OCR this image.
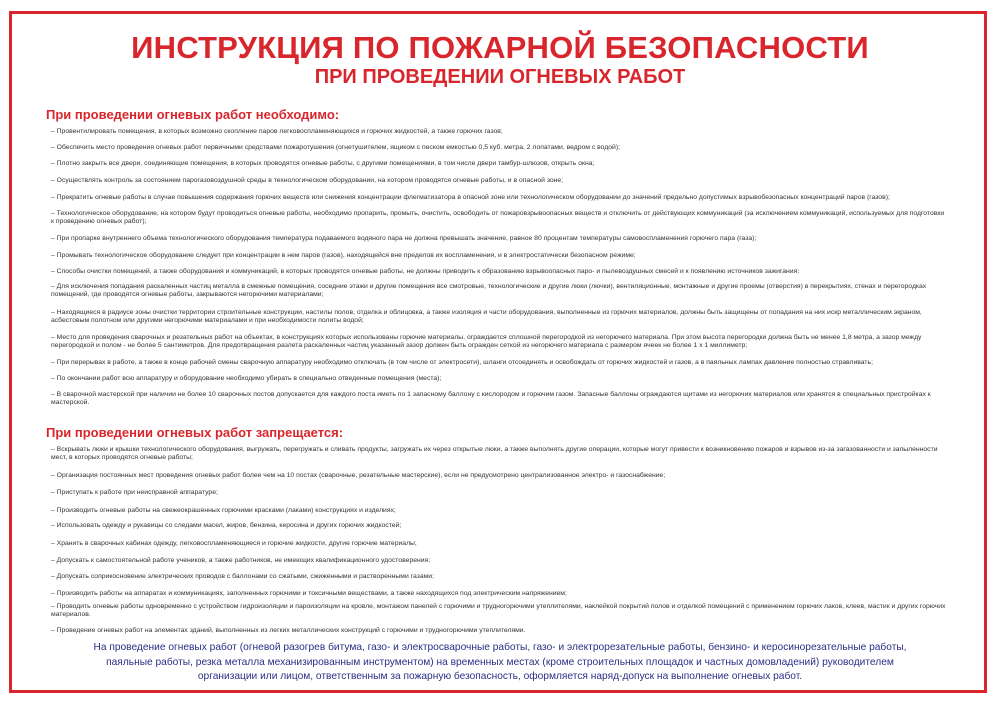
ИНСТРУКЦИЯ ПО ПОЖАРНОЙ БЕЗОПАСНОСТИ
ПРИ ПРОВЕДЕНИИ ОГНЕВЫХ РАБОТ
При проведении огневых работ необходимо:
– Провентилировать помещения, в которых возможно скопление паров легковоспламеняющихся и горючих жидкостей, а также горючих газов;
– Обеспечить место проведения огневых работ первичными средствами пожаротушения (огнетушителем, ящиком с песком емкостью 0,5 куб. метра, 2 лопатами, ведром с водой);
– Плотно закрыть все двери, соединяющие помещения, в которых проводятся огневые работы, с другими помещениями, в том числе двери тамбур-шлюзов, открыть окна;
– Осуществлять контроль за состоянием парогазовоздушной среды в технологическом оборудовании, на котором проводятся огневые работы, и в опасной зоне;
– Прекратить огневые работы в случае повышения содержания горючих веществ или снижения концентрации флегматизатора в опасной зоне или технологическом оборудовании до значений предельно допустимых взрывобезопасных концентраций паров (газов);
– Технологическое оборудование, на котором будут проводиться огневые работы, необходимо пропарить, промыть, очистить, освободить от пожаровзрывоопасных веществ и отключить от действующих коммуникаций (за исключением коммуникаций, используемых для подготовки к проведению огневых работ);
– При пропарке внутреннего объема технологического оборудования температура подаваемого водяного пара не должна превышать значение, равное 80 процентам температуры самовоспламенения горючего пара (газа);
– Промывать технологическое оборудование следует при концентрации в нем паров (газов), находящейся вне пределов их воспламенения, и в электростатически безопасном режиме;
– Способы очистки помещений, а также оборудования и коммуникаций, в которых проводятся огневые работы, не должны приводить к образованию взрывоопасных паро- и пылевоздушных смесей и к появлению источников зажигания;
– Для исключения попадания раскаленных частиц металла в смежные помещения, соседние этажи и другие помещения все смотровые, технологические и другие люки (лючки), вентиляционные, монтажные и другие проемы (отверстия) в перекрытиях, стенах и перегородках помещений, где проводятся огневые работы, закрываются негорючими материалами;
– Находящиеся в радиусе зоны очистки территории строительные конструкции, настилы полов, отделка и облицовка, а также изоляция и части оборудования, выполненные из горючих материалов, должны быть защищены от попадания на них искр металлическим экраном, асбестовым полотном или другими негорючими материалами и при необходимости политы водой;
– Место для проведения сварочных и резательных работ на объектах, в конструкциях которых использованы горючие материалы, ограждается сплошной перегородкой из негорючего материала. При этом высота перегородки должна быть не менее 1,8 метра, а зазор между перегородкой и полом - не более 5 сантиметров. Для предотвращения разлета раскаленных частиц указанный зазор должен быть огражден сеткой из негорючего материала с размером ячеек не более 1 х 1 миллиметр;
– При перерывах в работе, а также в конце рабочей смены сварочную аппаратуру необходимо отключать (в том числе от электросети), шланги отсоединять и освобождать от горючих жидкостей и газов, а в паяльных лампах давление полностью стравливать;
– По окончании работ всю аппаратуру и оборудование необходимо убирать в специально отведенные помещения (места);
– В сварочной мастерской при наличии не более 10 сварочных постов допускается для каждого поста иметь по 1 запасному баллону с кислородом и горючим газом. Запасные баллоны ограждаются щитами из негорючих материалов или хранятся в специальных пристройках к мастерской.
При проведении огневых работ запрещается:
– Вскрывать люки и крышки технологического оборудования, выгружать, перегружать и сливать продукты, загружать их через открытые люки, а также выполнять другие операции, которые могут привести к возникновению пожаров и взрывов из-за загазованности и запыленности мест, в которых проводятся огневые работы;
– Организация постоянных мест проведения огневых работ более чем на 10 постах (сварочные, резательные мастерские), если не предусмотрено централизованное электро- и газоснабжение;
– Приступать к работе при неисправной аппаратуре;
– Производить огневые работы на свежеокрашенных горючими красками (лаками) конструкциях и изделиях;
– Использовать одежду и рукавицы со следами масел, жиров, бензина, керосина и других горючих жидкостей;
– Хранить в сварочных кабинах одежду, легковоспламеняющиеся и горючие жидкости, другие горючие материалы;
– Допускать к самостоятельной работе учеников, а также работников, не имеющих квалификационного удостоверения;
– Допускать соприкосновение электрических проводов с баллонами со сжатыми, сжиженными и растворенными газами;
– Производить работы на аппаратах и коммуникациях, заполненных горючими и токсичными веществами, а также находящихся под электрическим напряжением;
– Проводить огневые работы одновременно с устройством гидроизоляции и пароизоляции на кровле, монтажом панелей с горючими и трудногорючими утеплителями, наклейкой покрытий полов и отделкой помещений с применением горючих лаков, клеев, мастик и других горючих материалов.
– Проведение огневых работ на элементах зданий, выполненных из легких металлических конструкций с горючими и трудногорючими утеплителями.

На проведение огневых работ (огневой разогрев битума, газо- и электросварочные работы, газо- и электрорезательные работы, бензино- и керосинорезательные работы, паяльные работы, резка металла механизированным инструментом) на временных местах (кроме строительных площадок и частных домовладений) руководителем организации или лицом, ответственным за пожарную безопасность, оформляется наряд-допуск на выполнение огневых работ.
